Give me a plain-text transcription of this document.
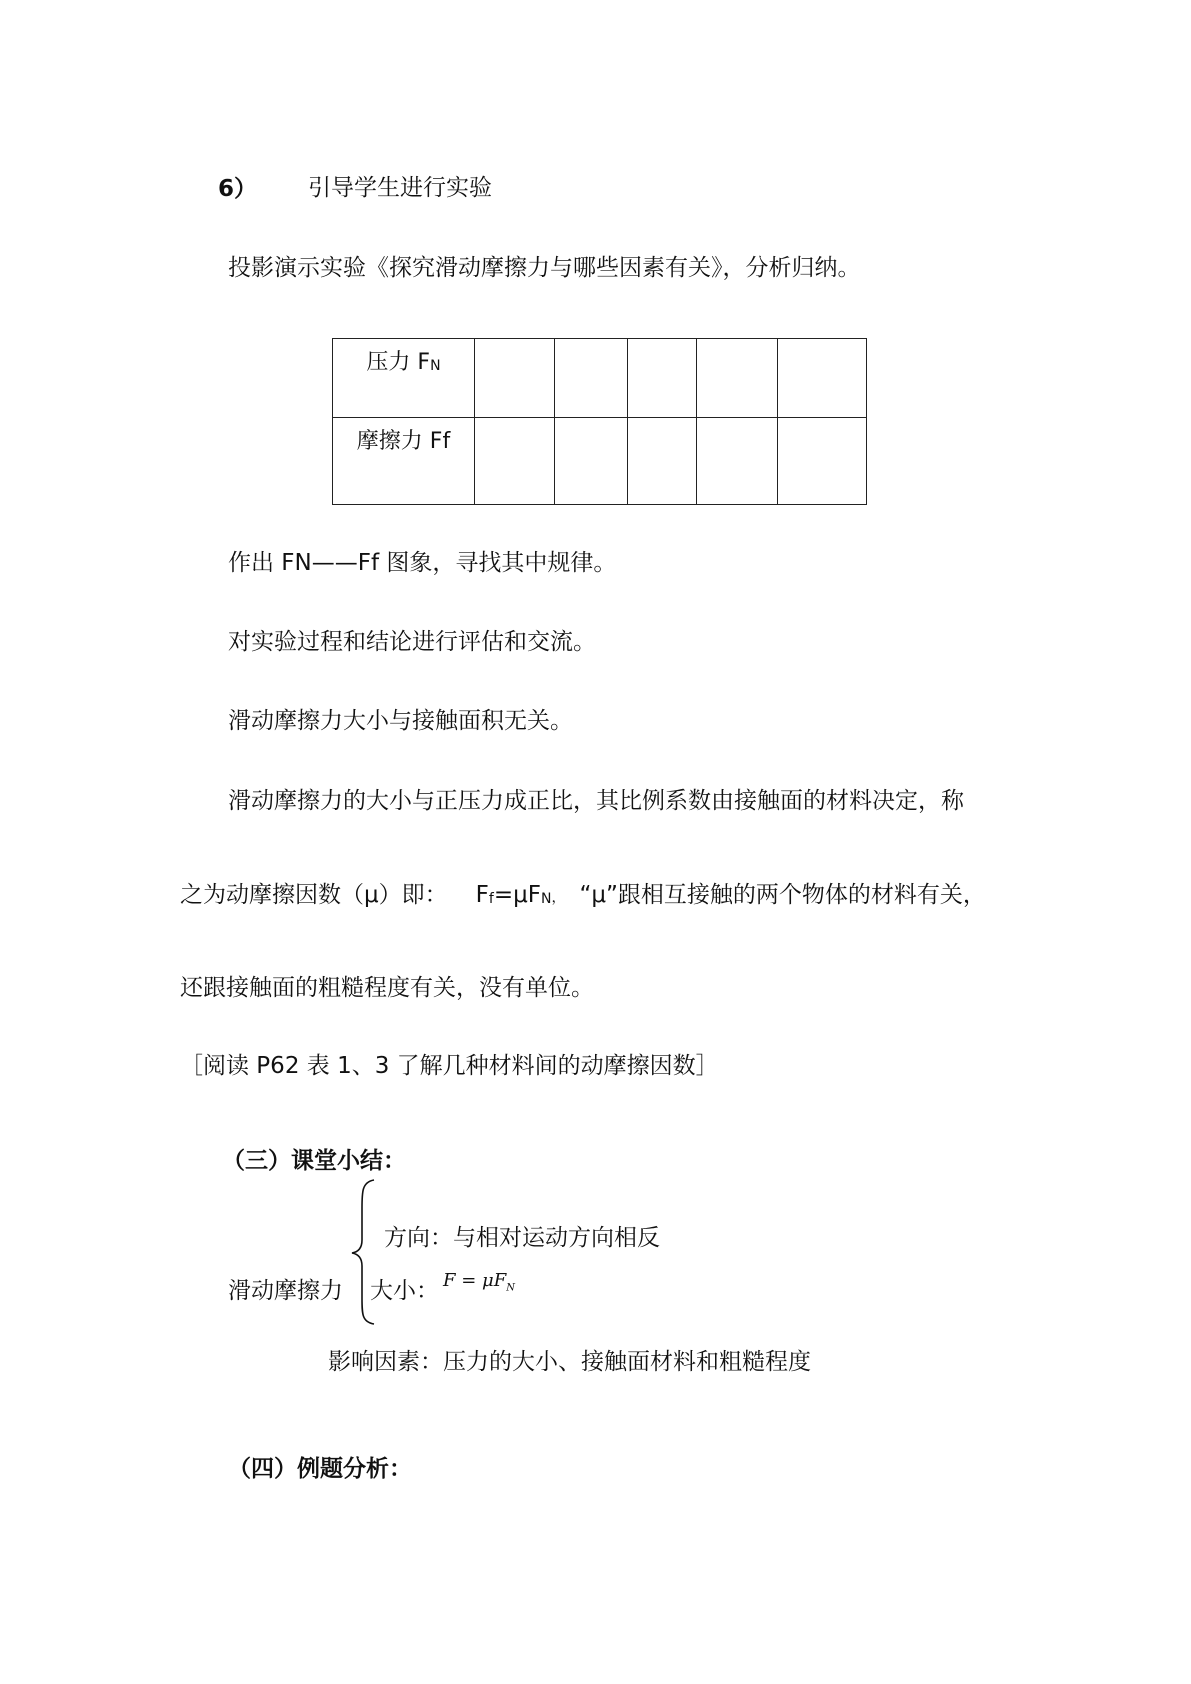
6） 引导学生进行实验
投影演示实验《探究滑动摩擦力与哪些因素有关》，分析归纳。
压力 $F_N$					
摩擦力 Ff					
作出 FN——Ff 图象，寻找其中规律。
对实验过程和结论进行评估和交流。
滑动摩擦力大小与接触面积无关。
滑动摩擦力的大小与正压力成正比，其比例系数由接触面的材料决定，称
之为动摩擦因数（μ）即： $F_f=\mu F_N$， “μ”跟相互接触的两个物体的材料有关，
还跟接触面的粗糙程度有关，没有单位。
［阅读 P62 表 1、3 了解几种材料间的动摩擦因数］
（三）课堂小结：
方向：与相对运动方向相反
滑动摩擦力 大小： $^{F = \mu F_N}$
影响因素：压力的大小、接触面材料和粗糙程度
（四）例题分析：
